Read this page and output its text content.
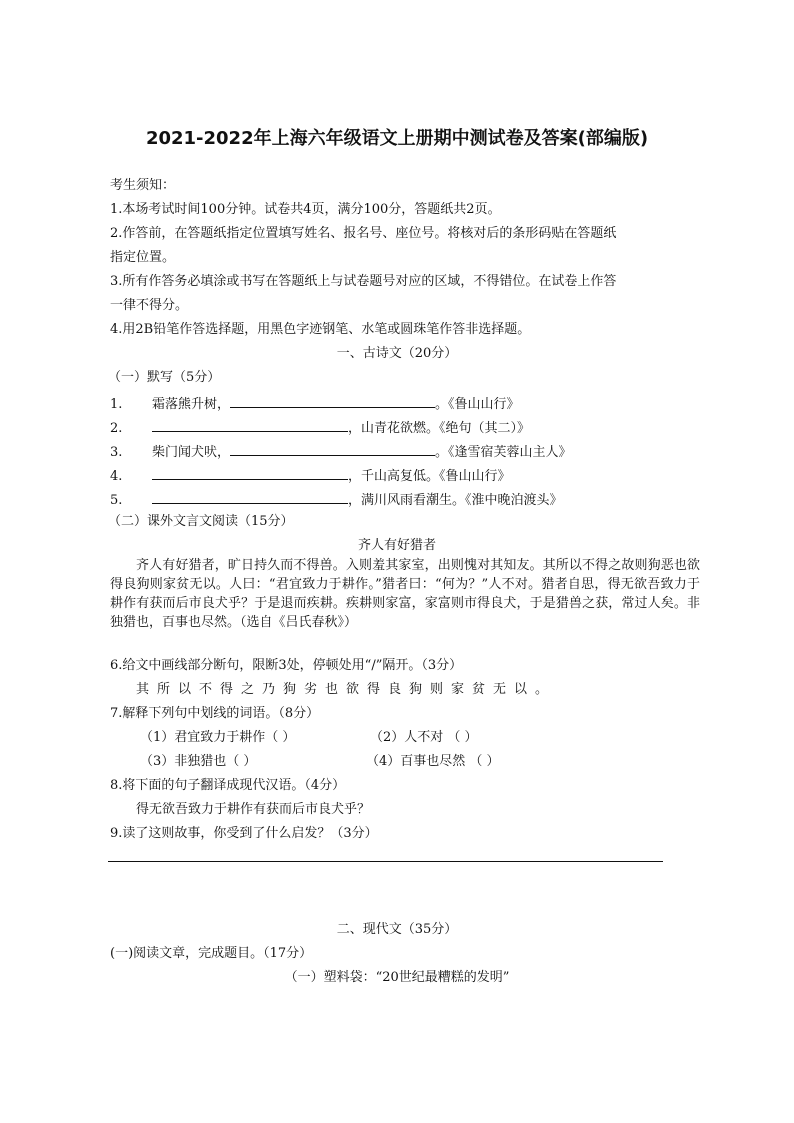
2021-2022年上海六年级语文上册期中测试卷及答案(部编版)
考生须知：
1.本场考试时间100分钟。试卷共4页，满分100分，答题纸共2页。
2.作答前，在答题纸指定位置填写姓名、报名号、座位号。将核对后的条形码贴在答题纸
指定位置。
3.所有作答务必填涂或书写在答题纸上与试卷题号对应的区域，不得错位。在试卷上作答
一律不得分。
4.用2B铅笔作答选择题，用黑色字迹钢笔、水笔或圆珠笔作答非选择题。
一、古诗文（20分）
（一）默写（5分）
1. 霜落熊升树，	。《鲁山山行》
2.	，山青花欲燃。《绝句（其二）》
3. 柴门闻犬吠，	。《逢雪宿芙蓉山主人》
4.	，千山高复低。《鲁山山行》
5.	，满川风雨看潮生。《淮中晚泊渡头》
（二）课外文言文阅读（15分）
齐人有好猎者
齐人有好猎者，旷日持久而不得兽。入则羞其家室，出则愧对其知友。其所以不得之故则狗恶也欲得良狗则家贫无以。人曰：“君宜致力于耕作。”猎者曰：“何为？”人不对。猎者自思，得无欲吾致力于耕作有获而后市良犬乎？于是退而疾耕。疾耕则家富，家富则市得良犬，于是猎兽之获，常过人矣。非独猎也，百事也尽然。（选自《吕氏春秋》）
6.给文中画线部分断句，限断3处，停顿处用“/”隔开。（3分）
其所以不得之乃狗劣也欲得良狗则家贫无以。
7.解释下列句中划线的词语。（8分）
（1）君宜致力于耕作（ ）	（2）人不对 （ ）
（3）非独猎也（ ）	（4）百事也尽然 （ ）
8.将下面的句子翻译成现代汉语。（4分）
得无欲吾致力于耕作有获而后市良犬乎？
9.读了这则故事，你受到了什么启发？（3分）
二、现代文（35分）
(一)阅读文章，完成题目。（17分）
（一）塑料袋：“20世纪最糟糕的发明”
